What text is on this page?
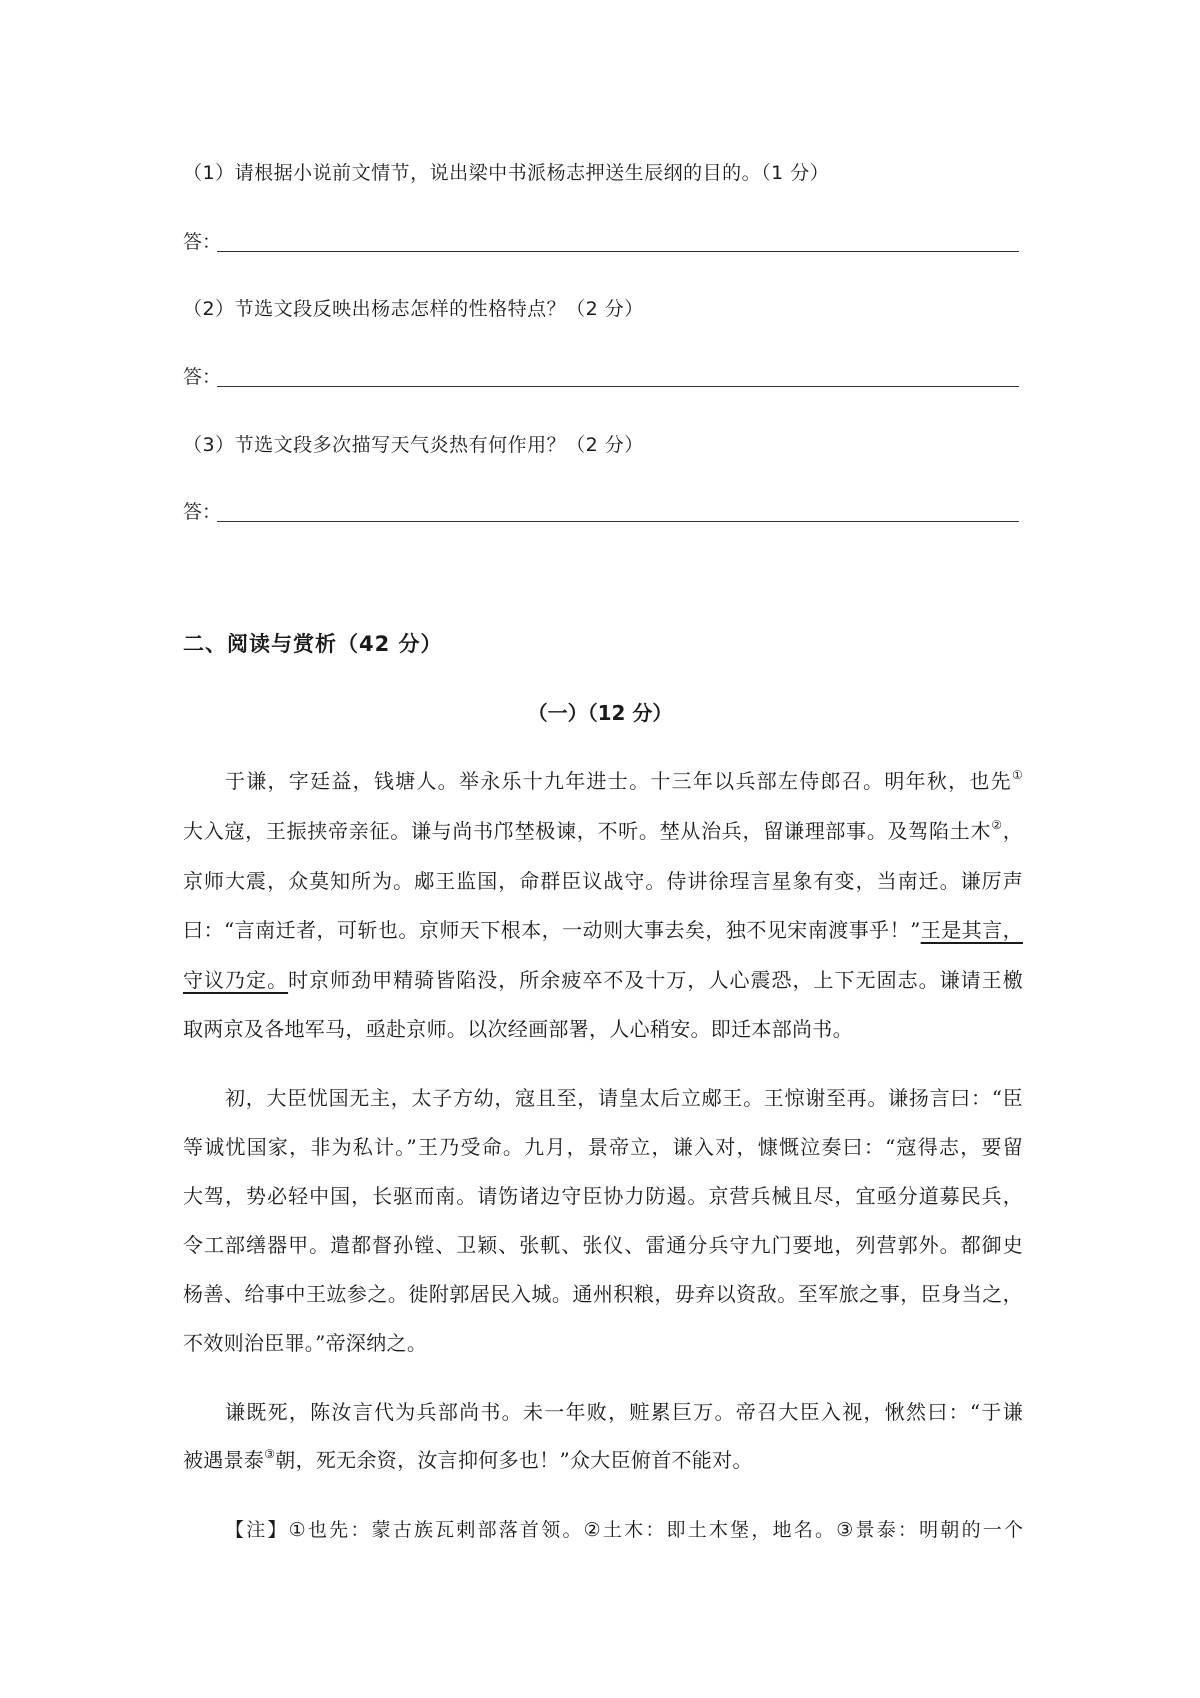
（1）请根据小说前文情节，说出梁中书派杨志押送生辰纲的目的。（1 分）
答：
（2）节选文段反映出杨志怎样的性格特点？（2 分）
答：
（3）节选文段多次描写天气炎热有何作用？（2 分）
答：
二、阅读与赏析（42 分）
（一）（12 分）
于谦，字廷益，钱塘人。举永乐十九年进士。十三年以兵部左侍郎召。明年秋，也先①
大入寇，王振挟帝亲征。谦与尚书邝埜极谏，不听。埜从治兵，留谦理部事。及驾陷土木②，
京师大震，众莫知所为。郕王监国，命群臣议战守。侍讲徐珵言星象有变，当南迁。谦厉声
曰：“言南迁者，可斩也。京师天下根本，一动则大事去矣，独不见宋南渡事乎！”王是其言，
守议乃定。时京师劲甲精骑皆陷没，所余疲卒不及十万，人心震恐，上下无固志。谦请王檄
取两京及各地军马，亟赴京师。以次经画部署，人心稍安。即迁本部尚书。
初，大臣忧国无主，太子方幼，寇且至，请皇太后立郕王。王惊谢至再。谦扬言曰：“臣
等诚忧国家，非为私计。”王乃受命。九月，景帝立，谦入对，慷慨泣奏曰：“寇得志，要留
大驾，势必轻中国，长驱而南。请饬诸边守臣协力防遏。京营兵械且尽，宜亟分道募民兵，
令工部缮器甲。遣都督孙镗、卫颖、张軏、张仪、雷通分兵守九门要地，列营郭外。都御史
杨善、给事中王竑参之。徙附郭居民入城。通州积粮，毋弃以资敌。至军旅之事，臣身当之，
不效则治臣罪。”帝深纳之。
谦既死，陈汝言代为兵部尚书。未一年败，赃累巨万。帝召大臣入视，愀然曰：“于谦
被遇景泰③朝，死无余资，汝言抑何多也！”众大臣俯首不能对。
【注】①也先：蒙古族瓦剌部落首领。②土木：即土木堡，地名。③景泰：明朝的一个
